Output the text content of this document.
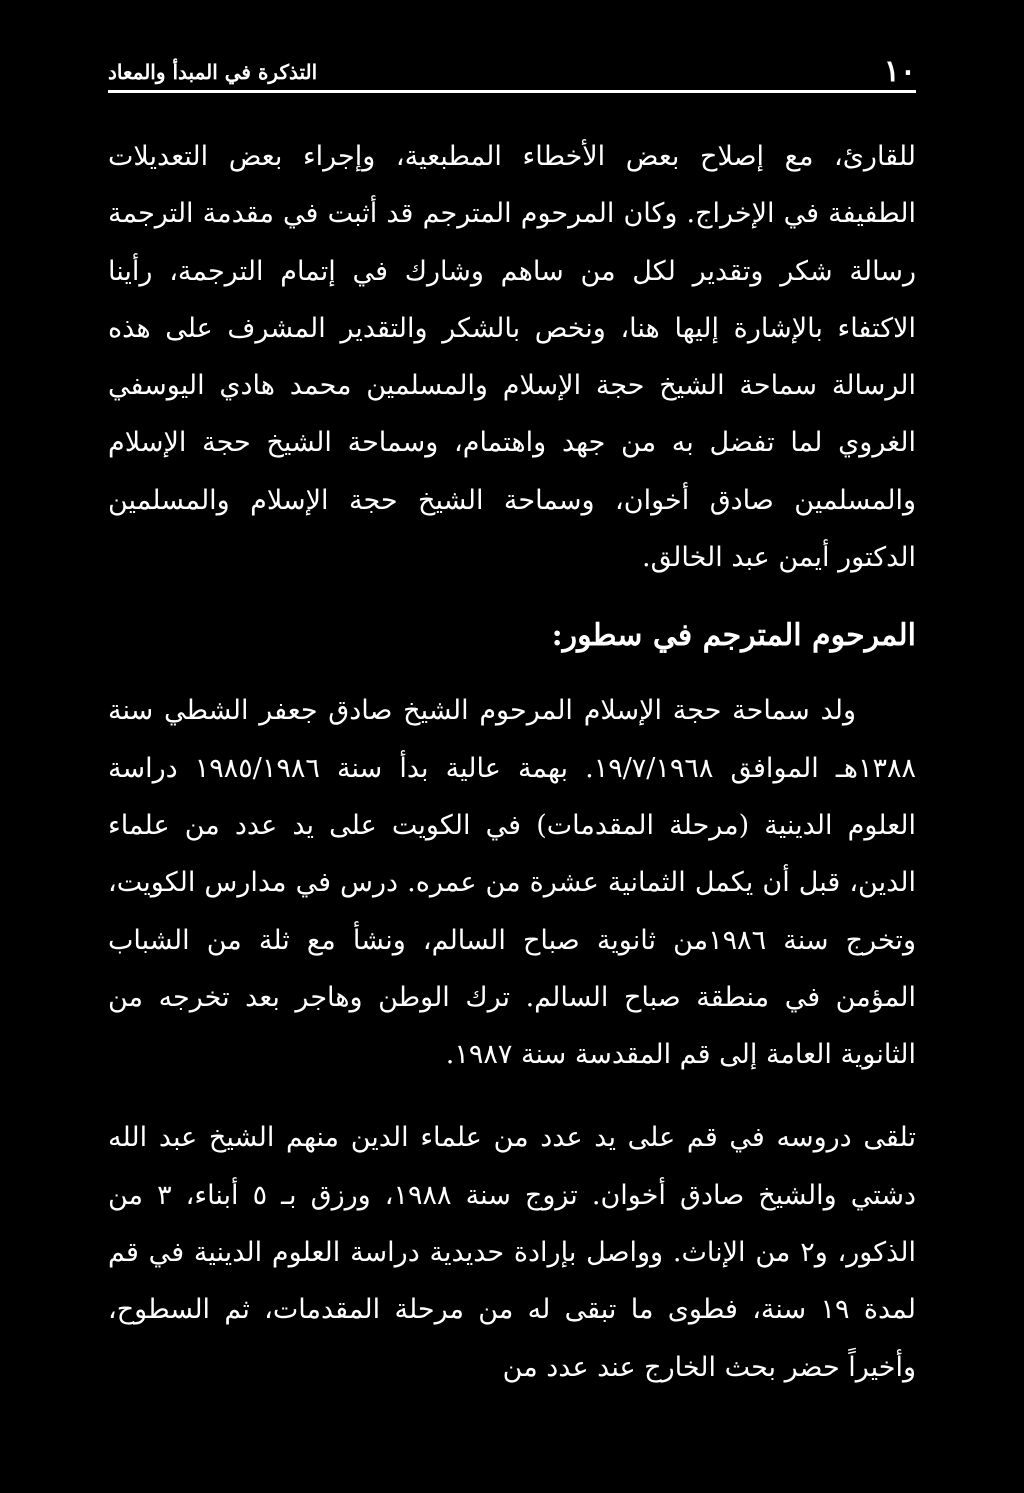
١٠
التذكرة في المبدأ والمعاد

للقارئ، مع إصلاح بعض الأخطاء المطبعية، وإجراء بعض التعديلات الطفيفة في الإخراج. وكان المرحوم المترجم قد أثبت في مقدمة الترجمة رسالة شكر وتقدير لكل من ساهم وشارك في إتمام الترجمة، رأينا الاكتفاء بالإشارة إليها هنا، ونخص بالشكر والتقدير المشرف على هذه الرسالة سماحة الشيخ حجة الإسلام والمسلمين محمد هادي اليوسفي الغروي لما تفضل به من جهد واهتمام، وسماحة الشيخ حجة الإسلام والمسلمين صادق أخوان، وسماحة الشيخ حجة الإسلام والمسلمين الدكتور أيمن عبد الخالق.

المرحوم المترجم في سطور:

ولد سماحة حجة الإسلام المرحوم الشيخ صادق جعفر الشطي سنة ١٣٨٨هـ الموافق ١٩/٧/١٩٦٨. بهمة عالية بدأ سنة ١٩٨٥/١٩٨٦ دراسة العلوم الدينية (مرحلة المقدمات) في الكويت على يد عدد من علماء الدين، قبل أن يكمل الثمانية عشرة من عمره. درس في مدارس الكويت، وتخرج سنة ١٩٨٦من ثانوية صباح السالم، ونشأ مع ثلة من الشباب المؤمن في منطقة صباح السالم. ترك الوطن وهاجر بعد تخرجه من الثانوية العامة إلى قم المقدسة سنة ١٩٨٧.

تلقى دروسه في قم على يد عدد من علماء الدين منهم الشيخ عبد الله دشتي والشيخ صادق أخوان. تزوج سنة ١٩٨٨، ورزق بـ ٥ أبناء، ٣ من الذكور، و٢ من الإناث. وواصل بإرادة حديدية دراسة العلوم الدينية في قم لمدة ١٩ سنة، فطوى ما تبقى له من مرحلة المقدمات، ثم السطوح، وأخيراً حضر بحث الخارج عند عدد من
